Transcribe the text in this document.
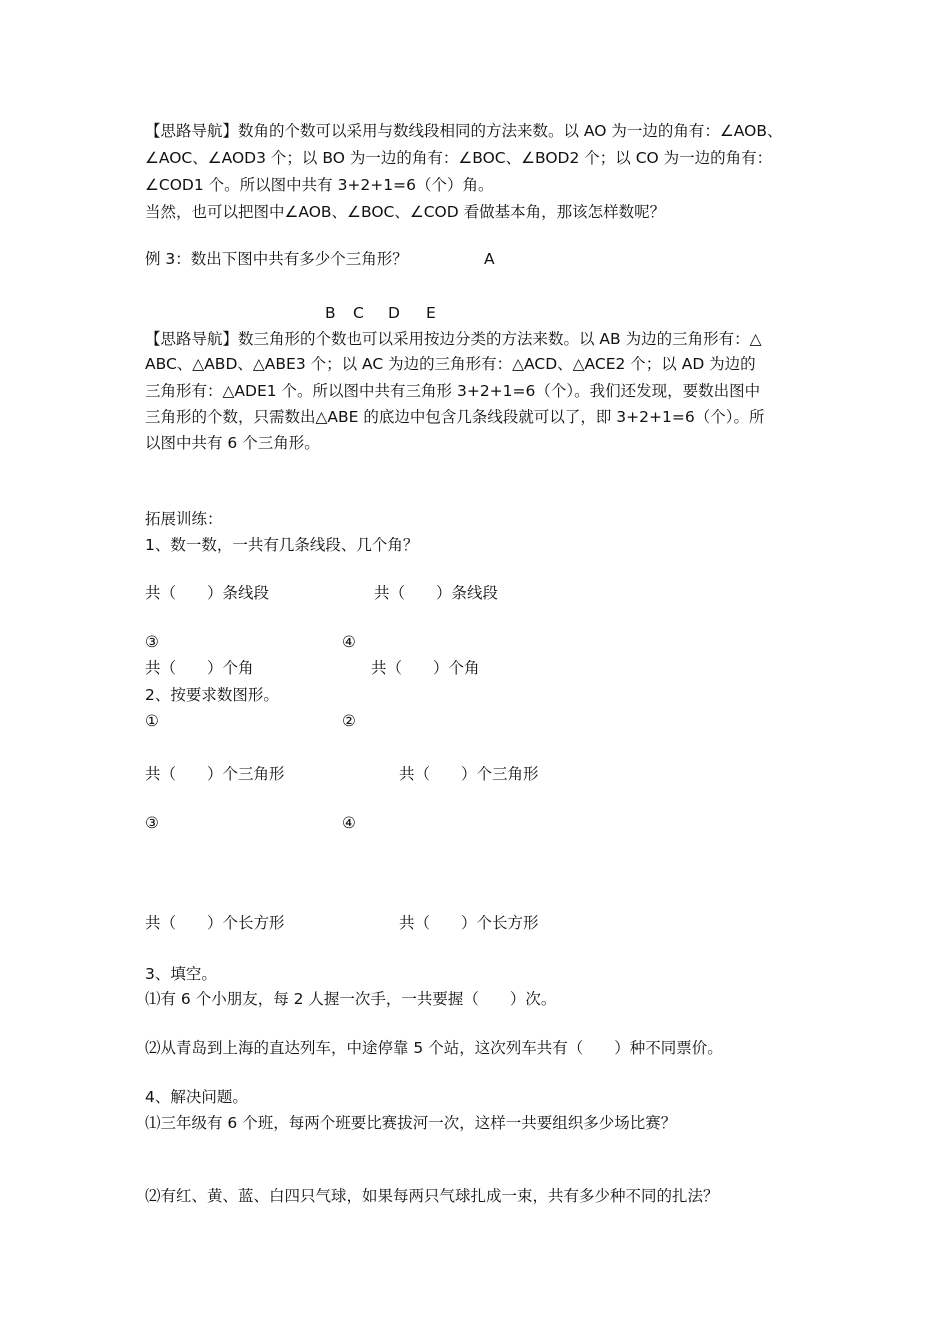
【思路导航】数角的个数可以采用与数线段相同的方法来数。以 AO 为一边的角有：∠AOB、
∠AOC、∠AOD3 个；以 BO 为一边的角有：∠BOC、∠BOD2 个；以 CO 为一边的角有：
∠COD1 个。所以图中共有 3+2+1=6（个）角。
当然，也可以把图中∠AOB、∠BOC、∠COD 看做基本角，那该怎样数呢？
例 3：数出下图中共有多少个三角形？	A
B C D E
【思路导航】数三角形的个数也可以采用按边分类的方法来数。以 AB 为边的三角形有：△
ABC、△ABD、△ABE3 个；以 AC 为边的三角形有：△ACD、△ACE2 个；以 AD 为边的
三角形有：△ADE1 个。所以图中共有三角形 3+2+1=6（个）。我们还发现，要数出图中
三角形的个数，只需数出△ABE 的底边中包含几条线段就可以了，即 3+2+1=6（个）。所
以图中共有 6 个三角形。
拓展训练：
1、数一数，一共有几条线段、几个角？
共（　　）条线段	共（　　）条线段
③	④
共（　　）个角	共（　　）个角
2、按要求数图形。
①	②
共（　　）个三角形	共（　　）个三角形
③	④
共（　　）个长方形	共（　　）个长方形
3、填空。
⑴有 6 个小朋友，每 2 人握一次手，一共要握（　　）次。
⑵从青岛到上海的直达列车，中途停靠 5 个站，这次列车共有（　　）种不同票价。
4、解决问题。
⑴三年级有 6 个班，每两个班要比赛拔河一次，这样一共要组织多少场比赛？
⑵有红、黄、蓝、白四只气球，如果每两只气球扎成一束，共有多少种不同的扎法？
